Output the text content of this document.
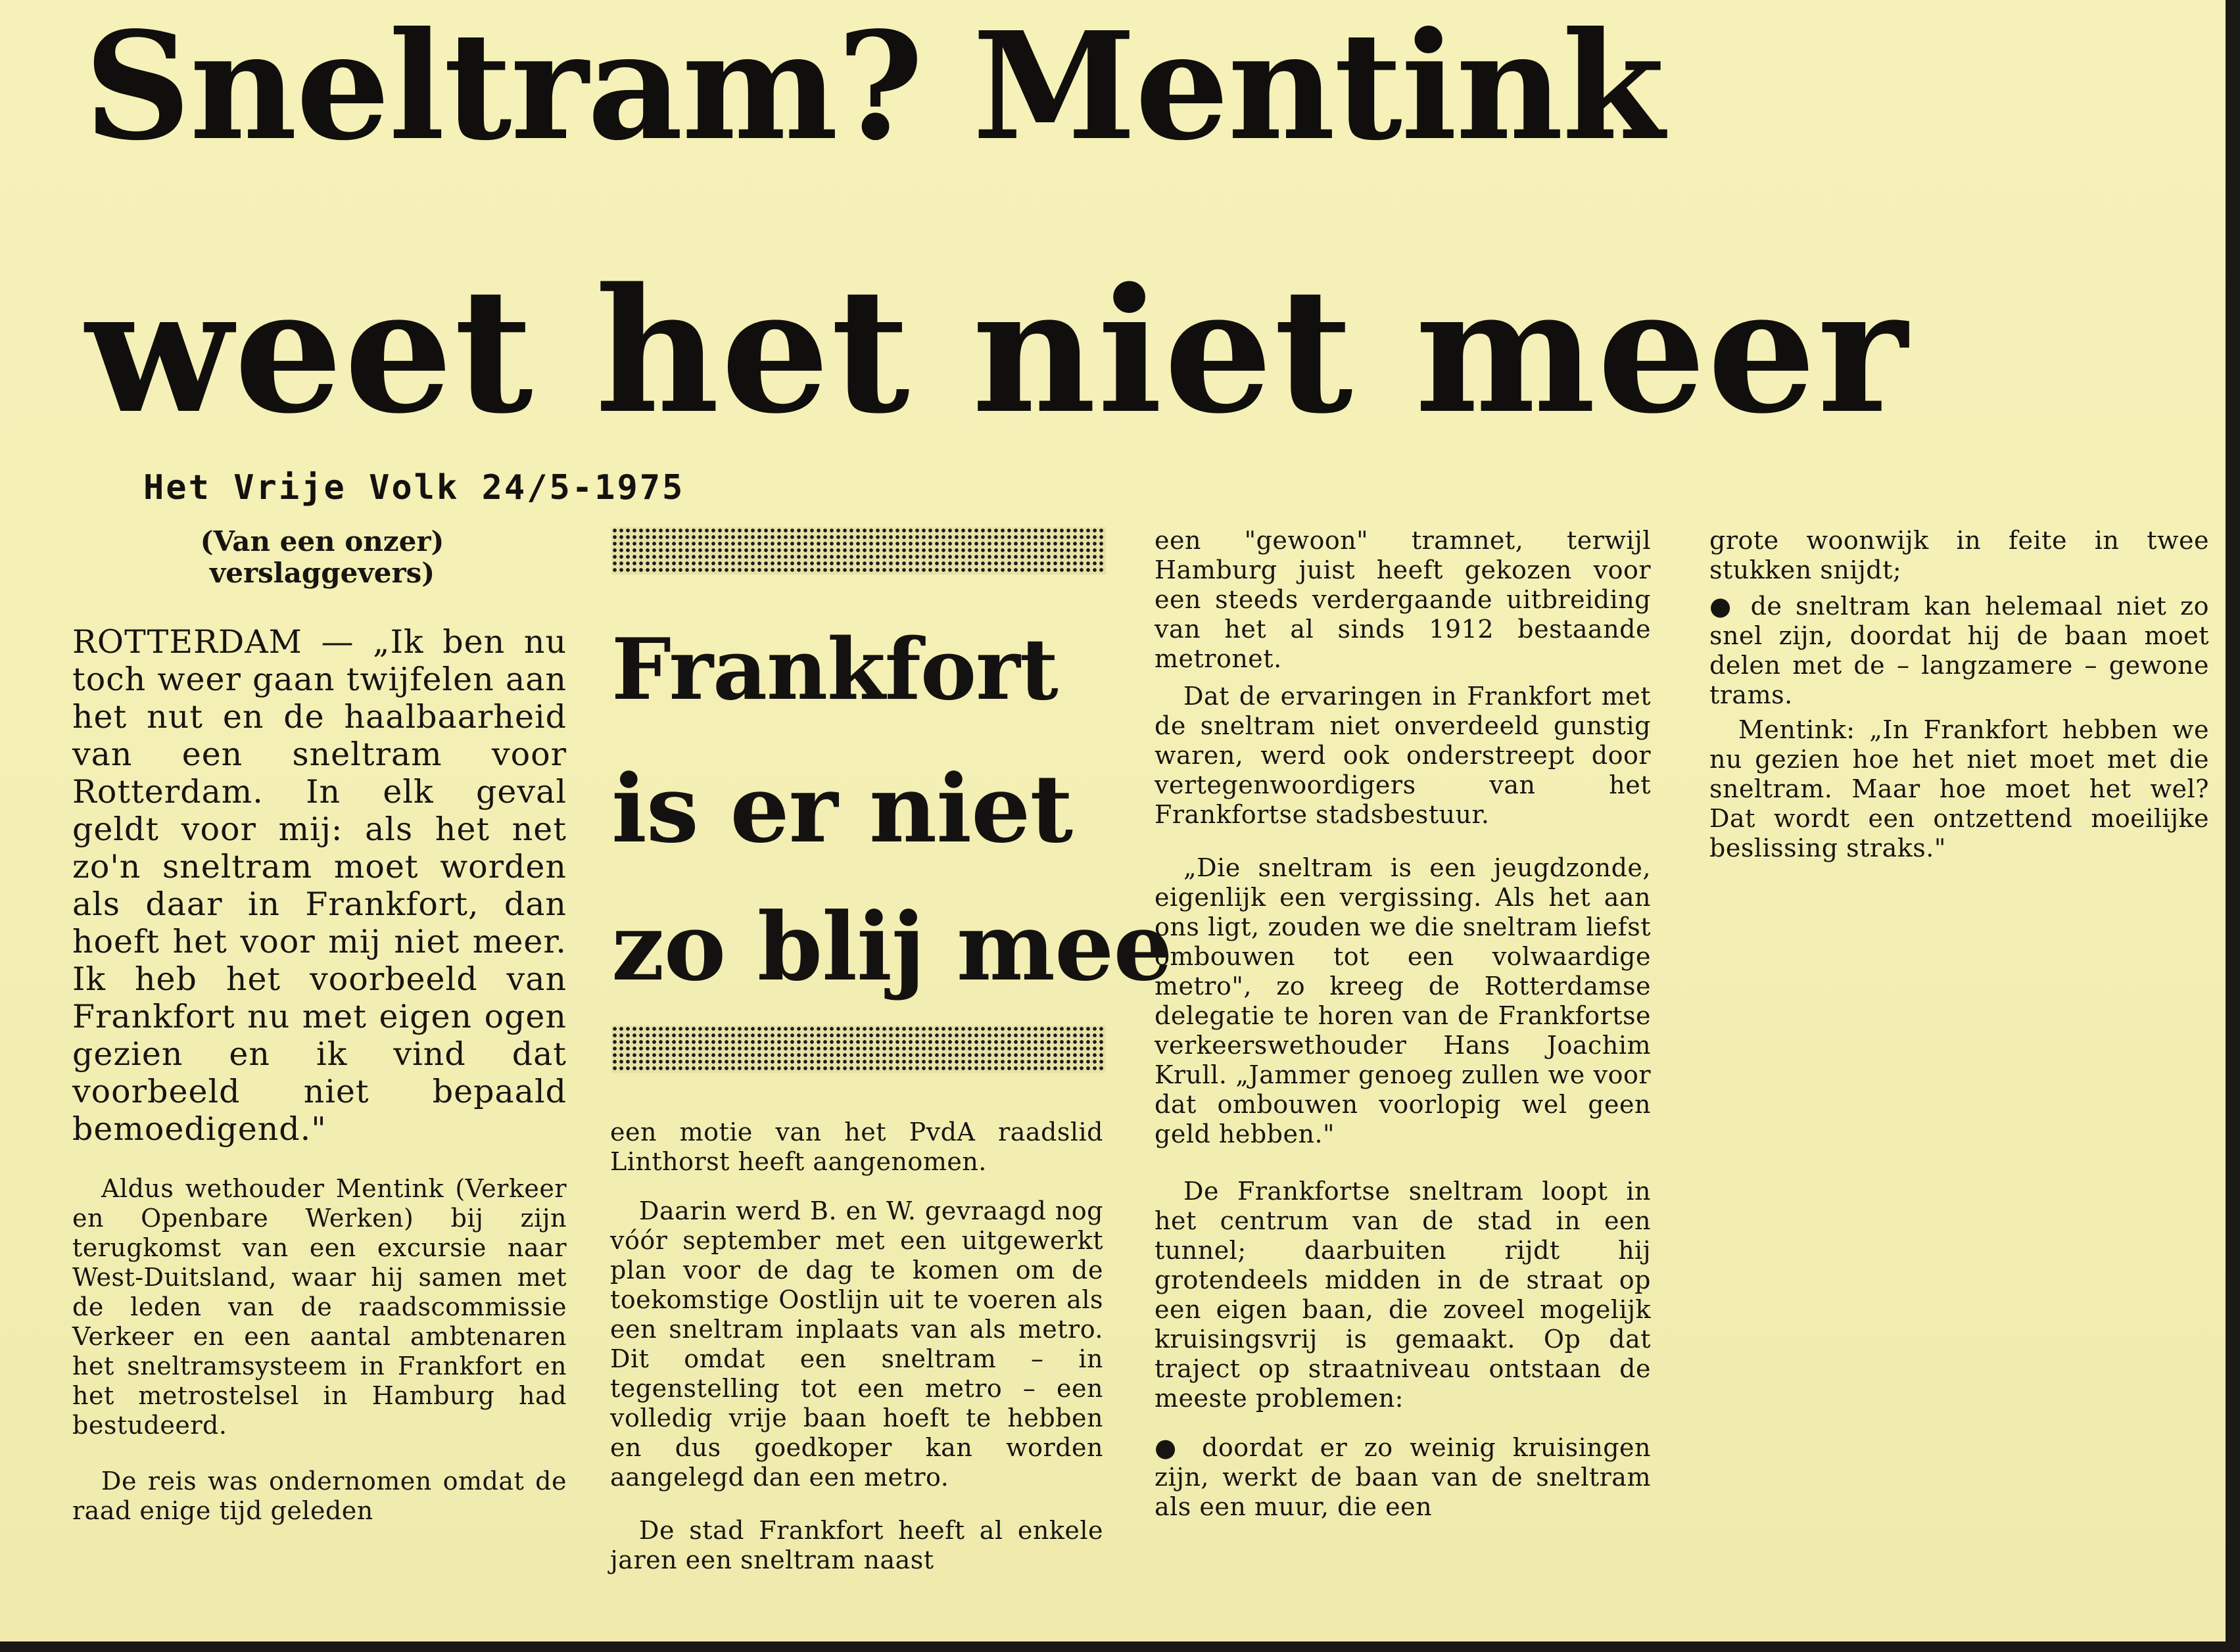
Sneltram? Mentink
weet het niet meer
Het Vrije Volk 24/5-1975

(Van een onzer) verslaggevers)

ROTTERDAM — „Ik ben nu toch weer gaan twijfelen aan het nut en de haalbaarheid van een sneltram voor Rotterdam. In elk geval geldt voor mij: als het net zo'n sneltram moet worden als daar in Frankfort, dan hoeft het voor mij niet meer. Ik heb het voorbeeld van Frankfort nu met eigen ogen gezien en ik vind dat voorbeeld niet bepaald bemoedigend."

Aldus wethouder Mentink (Verkeer en Openbare Werken) bij zijn terugkomst van een excursie naar West-Duitsland, waar hij samen met de leden van de raadscommissie Verkeer en een aantal ambtenaren het sneltramsysteem in Frankfort en het metrostelsel in Hamburg had bestudeerd.

De reis was ondernomen omdat de raad enige tijd geleden

Frankfort
is er niet
zo blij mee

een motie van het PvdA raadslid Linthorst heeft aangenomen.

Daarin werd B. en W. gevraagd nog vóór september met een uitgewerkt plan voor de dag te komen om de toekomstige Oostlijn uit te voeren als een sneltram inplaats van als metro. Dit omdat een sneltram – in tegenstelling tot een metro – een volledig vrije baan hoeft te hebben en dus goedkoper kan worden aangelegd dan een metro.

De stad Frankfort heeft al enkele jaren een sneltram naast

een "gewoon" tramnet, terwijl Hamburg juist heeft gekozen voor een steeds verdergaande uitbreiding van het al sinds 1912 bestaande metronet.

Dat de ervaringen in Frankfort met de sneltram niet onverdeeld gunstig waren, werd ook onderstreept door vertegenwoordigers van het Frankfortse stadsbestuur.

„Die sneltram is een jeugdzonde, eigenlijk een vergissing. Als het aan ons ligt, zouden we die sneltram liefst ombouwen tot een volwaardige metro", zo kreeg de Rotterdamse delegatie te horen van de Frankfortse verkeerswethouder Hans Joachim Krull. „Jammer genoeg zullen we voor dat ombouwen voorlopig wel geen geld hebben."

De Frankfortse sneltram loopt in het centrum van de stad in een tunnel; daarbuiten rijdt hij grotendeels midden in de straat op een eigen baan, die zoveel mogelijk kruisingsvrij is gemaakt. Op dat traject op straatniveau ontstaan de meeste problemen:

● doordat er zo weinig kruisingen zijn, werkt de baan van de sneltram als een muur, die een

grote woonwijk in feite in twee stukken snijdt;

● de sneltram kan helemaal niet zo snel zijn, doordat hij de baan moet delen met de – langzamere – gewone trams.

Mentink: „In Frankfort hebben we nu gezien hoe het niet moet met die sneltram. Maar hoe moet het wel? Dat wordt een ontzettend moeilijke beslissing straks."
